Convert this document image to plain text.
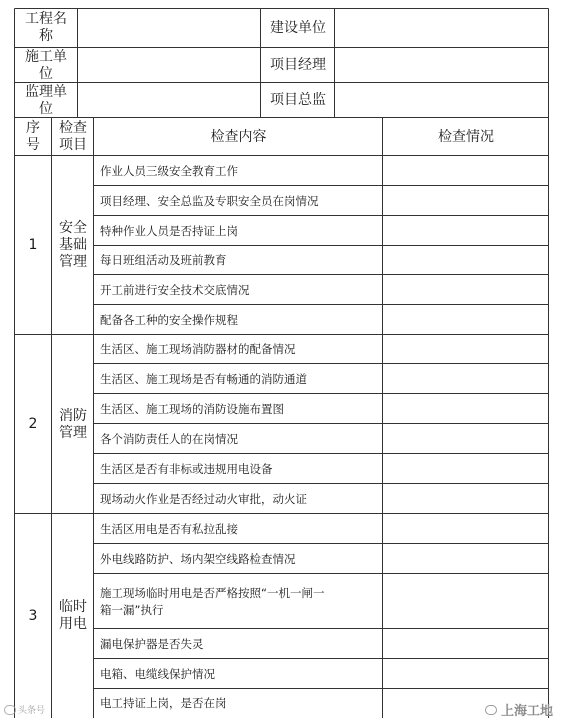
工程名
称
建设单位
施工单
位
项目经理
监理单
位
项目总监
序
号
检查
项目
检查内容	检查情况
1
安全
基础
管理
作业人员三级安全教育工作
项目经理、安全总监及专职安全员在岗情况
特种作业人员是否持证上岗
每日班组活动及班前教育
开工前进行安全技术交底情况
配备各工种的安全操作规程
2
消防
管理
生活区、施工现场消防器材的配备情况
生活区、施工现场是否有畅通的消防通道
生活区、施工现场的消防设施布置图
各个消防责任人的在岗情况
生活区是否有非标或违规用电设备
现场动火作业是否经过动火审批，动火证
3
临时
用电
生活区用电是否有私拉乱接
外电线路防护、场内架空线路检查情况
施工现场临时用电是否严格按照“一机一闸一
箱一漏”执行
漏电保护器是否失灵
电箱、电缆线保护情况
电工持证上岗，是否在岗
头条号	上海工地
